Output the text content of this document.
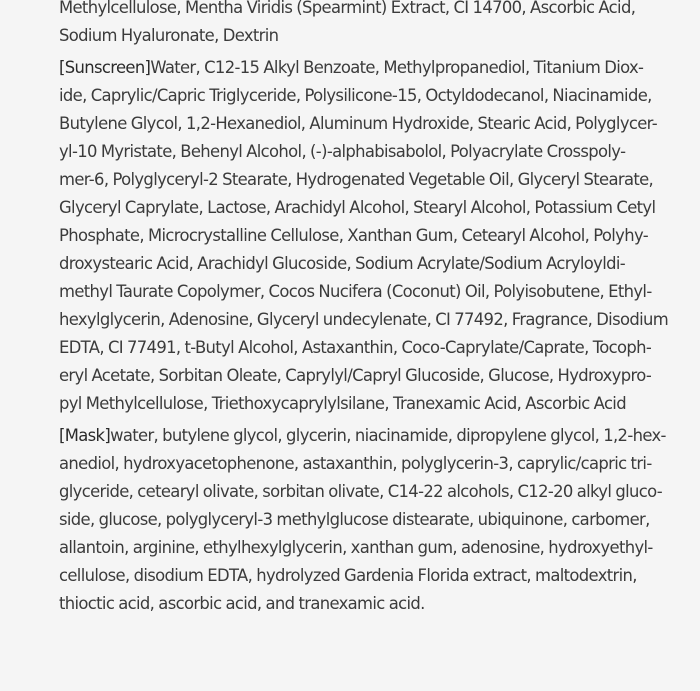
Methylcellulose, Mentha Viridis (Spearmint) Extract, CI 14700, Ascorbic Acid,
Sodium Hyaluronate, Dextrin
[Sunscreen]Water, C12-15 Alkyl Benzoate, Methylpropanediol, Titanium Diox-
ide, Caprylic/Capric Triglyceride, Polysilicone-15, Octyldodecanol, Niacinamide,
Butylene Glycol, 1,2-Hexanediol, Aluminum Hydroxide, Stearic Acid, Polyglycer-
yl-10 Myristate, Behenyl Alcohol, (-)-alphabisabolol, Polyacrylate Crosspoly-
mer-6, Polyglyceryl-2 Stearate, Hydrogenated Vegetable Oil, Glyceryl Stearate,
Glyceryl Caprylate, Lactose, Arachidyl Alcohol, Stearyl Alcohol, Potassium Cetyl
Phosphate, Microcrystalline Cellulose, Xanthan Gum, Cetearyl Alcohol, Polyhy-
droxystearic Acid, Arachidyl Glucoside, Sodium Acrylate/Sodium Acryloyldi-
methyl Taurate Copolymer, Cocos Nucifera (Coconut) Oil, Polyisobutene, Ethyl-
hexylglycerin, Adenosine, Glyceryl undecylenate, CI 77492, Fragrance, Disodium
EDTA, CI 77491, t-Butyl Alcohol, Astaxanthin, Coco-Caprylate/Caprate, Tocoph-
eryl Acetate, Sorbitan Oleate, Caprylyl/Capryl Glucoside, Glucose, Hydroxypro-
pyl Methylcellulose, Triethoxycaprylylsilane, Tranexamic Acid, Ascorbic Acid
[Mask]water, butylene glycol, glycerin, niacinamide, dipropylene glycol, 1,2-hex-
anediol, hydroxyacetophenone, astaxanthin, polyglycerin-3, caprylic/capric tri-
glyceride, cetearyl olivate, sorbitan olivate, C14-22 alcohols, C12-20 alkyl gluco-
side, glucose, polyglyceryl-3 methylglucose distearate, ubiquinone, carbomer,
allantoin, arginine, ethylhexylglycerin, xanthan gum, adenosine, hydroxyethyl-
cellulose, disodium EDTA, hydrolyzed Gardenia Florida extract, maltodextrin,
thioctic acid, ascorbic acid, and tranexamic acid.
